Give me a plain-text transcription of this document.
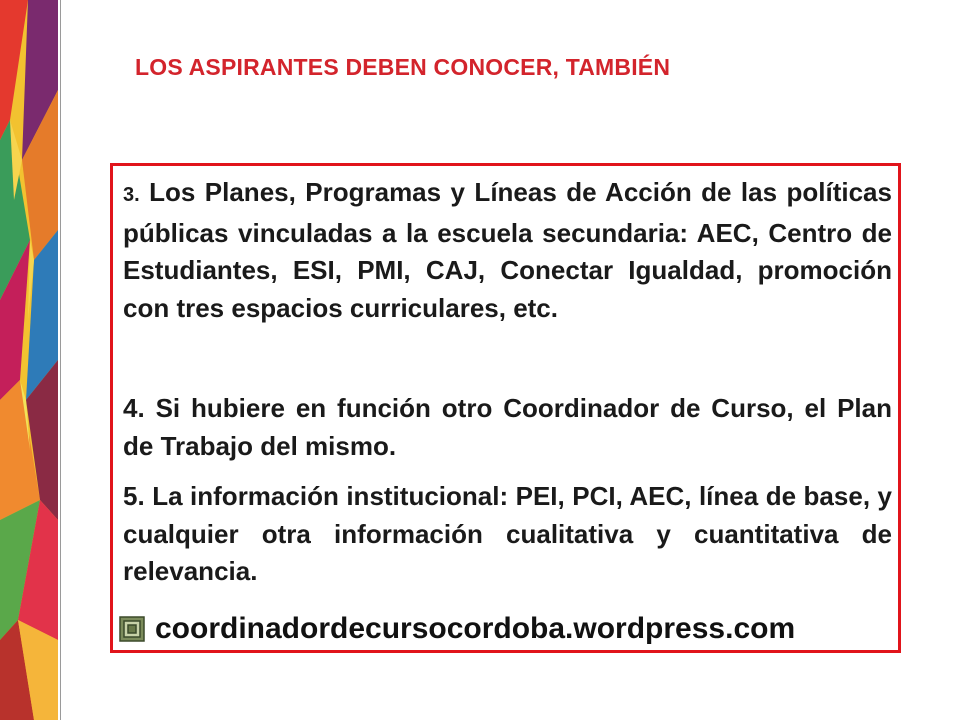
LOS ASPIRANTES DEBEN CONOCER, TAMBIÉN

3. Los Planes, Programas y Líneas de Acción de las políticas públicas vinculadas a la escuela secundaria: AEC, Centro de Estudiantes, ESI, PMI, CAJ, Conectar Igualdad, promoción con tres espacios curriculares, etc.

4. Si hubiere en función otro Coordinador de Curso, el Plan de Trabajo del mismo.

5. La información institucional: PEI, PCI, AEC, línea de base, y cualquier otra información cualitativa y cuantitativa de relevancia.

coordinadordecursocordoba.wordpress.com
